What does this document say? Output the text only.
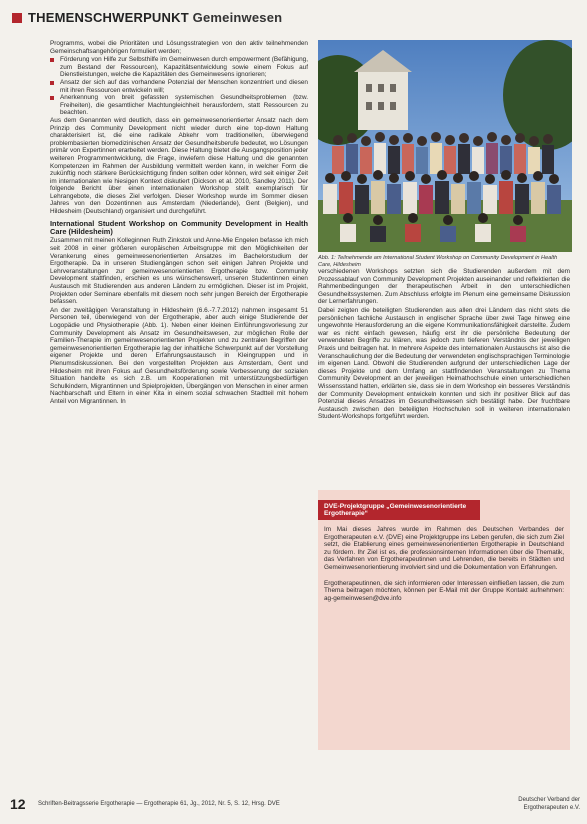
THEMENSCHWERPUNKT Gemeinwesen

Programms, wobei die Prioritäten und Lösungsstrategien von den aktiv teilnehmenden Gemeinschaftsangehörigen formuliert werden;

Förderung von Hilfe zur Selbsthilfe im Gemeinwesen durch empowerment (Befähigung, zum Bestand der Ressourcen), Kapazitätsentwicklung sowie einem Fokus auf Dienstleistungen, welche die Kapazitäten des Gemeinwesens ignorieren;
Ansatz der sich auf das vorhandene Potenzial der Menschen konzentriert und diesen mit ihren Ressourcen entwickeln will;
Anerkennung von breit gefassten systemischen Gesundheitsproblemen (bzw. Freiheiten), die gesamtlicher Machtungleichheit herausfordern, statt Ressourcen zu beachten.

Aus dem Genannten wird deutlich, dass ein gemeinwesenorientierter Ansatz nach dem Prinzip des Community Development nicht wieder durch eine top-down Haltung charakterisiert ist, die eine radikale Abkehr vom traditionellen, überwiegend problembasierten biomedizinischen Ansatz der Gesundheitsberufe bedeutet, wo Lösungen primär von Expertinnen erarbeitet werden. Diese Haltung bietet die Ausgangsposition jeder weiteren Programmentwicklung, die Frage, inwiefern diese Haltung und die genannten Kompetenzen im Rahmen der Ausbildung vermittelt werden kann, in welcher Form die zukünftig noch stärkere Berücksichtigung finden sollten oder können, wird seit einiger Zeit im internationalen wie hiesigen Kontext diskutiert (Dickson et al. 2010, Sandley 2011). Der folgende Bericht über einen internationalen Workshop stellt exemplarisch für Lehrangebote, die dieses Ziel verfolgen. Dieser Workshop wurde im Sommer diesen Jahres von den Dozentinnen aus Amsterdam (Niederlande), Gent (Belgien), und Hildesheim (Deutschland) organisiert und durchgeführt.

International Student Workshop on Community Development in Health Care (Hildesheim)

Zusammen mit meinen Kolleginnen Ruth Zinkstok und Anne-Mie Engelen befasse ich mich seit 2008 in einer größeren europäischen Arbeitsgruppe mit den Möglichkeiten der Verankerung eines gemeinwesenorientierten Ansatzes im Bachelorstudium der Ergotherapie. Da in unseren Studiengängen schon seit einigen Jahren Projekte und Lehrveranstaltungen zur gemeinwesenorientierten Ergotherapie bzw. Community Development stattfinden, erschien es uns wünschenswert, unseren Studentinnen einen Austausch mit Studierenden aus anderen Ländern zu ermöglichen. Dieser ist im Projekt, Projekten oder Seminare ebenfalls mit diesem noch sehr jungen Bereich der Ergotherapie befassen.

An der zweitägigen Veranstaltung in Hildesheim (6.6.-7.7.2012) nahmen insgesamt 51 Personen teil, überwiegend von der Ergotherapie, aber auch einige Studierende der Logopädie und Physiotherapie (Abb. 1). Neben einer kleinen Einführungsvorlesung zur Community Development als Ansatz im Gesundheitswesen, zur möglichen Rolle der Familien-Therapie im gemeinwesenorientierten Projekten und zu zentralen Begriffen der gemeinwesenorientierten Ergotherapie lag der inhaltliche Schwerpunkt auf der Vorstellung eigener Projekte und deren Erfahrungsaustausch in Kleingruppen und in Plenumsdiskussionen. Bei den vorgestellten Projekten aus Amsterdam, Gent und Hildesheim mit ihren Fokus auf Gesundheitsförderung sowie Verbesserung der sozialen Situation handelte es sich z.B. um Kooperationen mit unterstützungsbedürftigen Schulkindern, Migrantinnen und Spielprojekten, Übergängen von Menschen in einer armen Nachbarschaft und Eltern in einer Kita in einem sozial schwachen Stadtteil mit hohem Anteil von Migrantinnen. In

Abb. 1: Teilnehmende am International Student Workshop on Community Development in Health Care, Hildesheim

verschiedenen Workshops setzten sich die Studierenden außerdem mit dem Prozessablauf von Community Development Projekten auseinander und reflektierten die Rahmenbedingungen der therapeutischen Arbeit in den unterschiedlichen Gesundheitssystemen. Zum Abschluss erfolgte im Plenum eine gemeinsame Diskussion der Lernerfahrungen.

Dabei zeigten die beteiligten Studierenden aus allen drei Ländern das nicht stets die persönlichen fachliche Austausch in englischer Sprache über zwei Tage hinweg eine ungewohnte Herausforderung an die eigene Kommunikationsfähigkeit darstellte. Zudem war es nicht einfach gewesen, häufig erst ihr die persönliche Bedeutung der verwendeten Begriffe zu klären, was jedoch zum tieferen Verständnis der jeweiligen Praxis und beitragen hat. In mehrere Aspekte des internationalen Austauschs ist also die Veranschaulichung der die Bedeutung der verwendeten englischsprachigen Terminologie im eigenen Land. Obwohl die Studierenden aufgrund der unterschiedlichen Lage der dieses Projekte und dem Umfang an stattfindenden Veranstaltungen zu Thema Community Development an der jeweiligen Heimathochschule einen unterschiedlichen Wissensstand hatten, erklärten sie, dass sie in dem Workshop ein besseres Verständnis der Community Development entwickeln konnten und sich ihr positiver Blick auf das Potenzial dieses Ansatzes im Gesundheitswesen sich bestätigt habe. Der fruchtbare Austausch zwischen den beteiligten Hochschulen soll in weiteren internationalen Student-Workshops fortgeführt werden.

DVE-Projektgruppe „Gemeinwesenorientierte Ergotherapie“

Im Mai dieses Jahres wurde im Rahmen des Deutschen Verbandes der Ergotherapeuten e.V. (DVE) eine Projektgruppe ins Leben gerufen, die sich zum Ziel setzt, die Etablierung eines gemeinwesenorientierten Ergotherapie in Deutschland zu fördern. Ihr Ziel ist es, die professionsinternen Informationen über die Thematik, das Verfahren von Ergotherapeutinnen und Lehrenden, die bereits in Städten und Gemeinwesenorientierung involviert sind und die Dokumentation von Erfahrungen.

Ergotherapeutinnen, die sich informieren oder Interessen einfließen lassen, die zum Thema beitragen möchten, können per E-Mail mit der Gruppe Kontakt aufnehmen: ag-gemeinwesen@dve.info

12 Schriften-Beitragsserie Ergotherapie — Ergotherapie 61, Jg., 2012, Nr. 5, S. 12, Hrsg. DVE
Deutscher Verband der
Ergotherapeuten e.V.
